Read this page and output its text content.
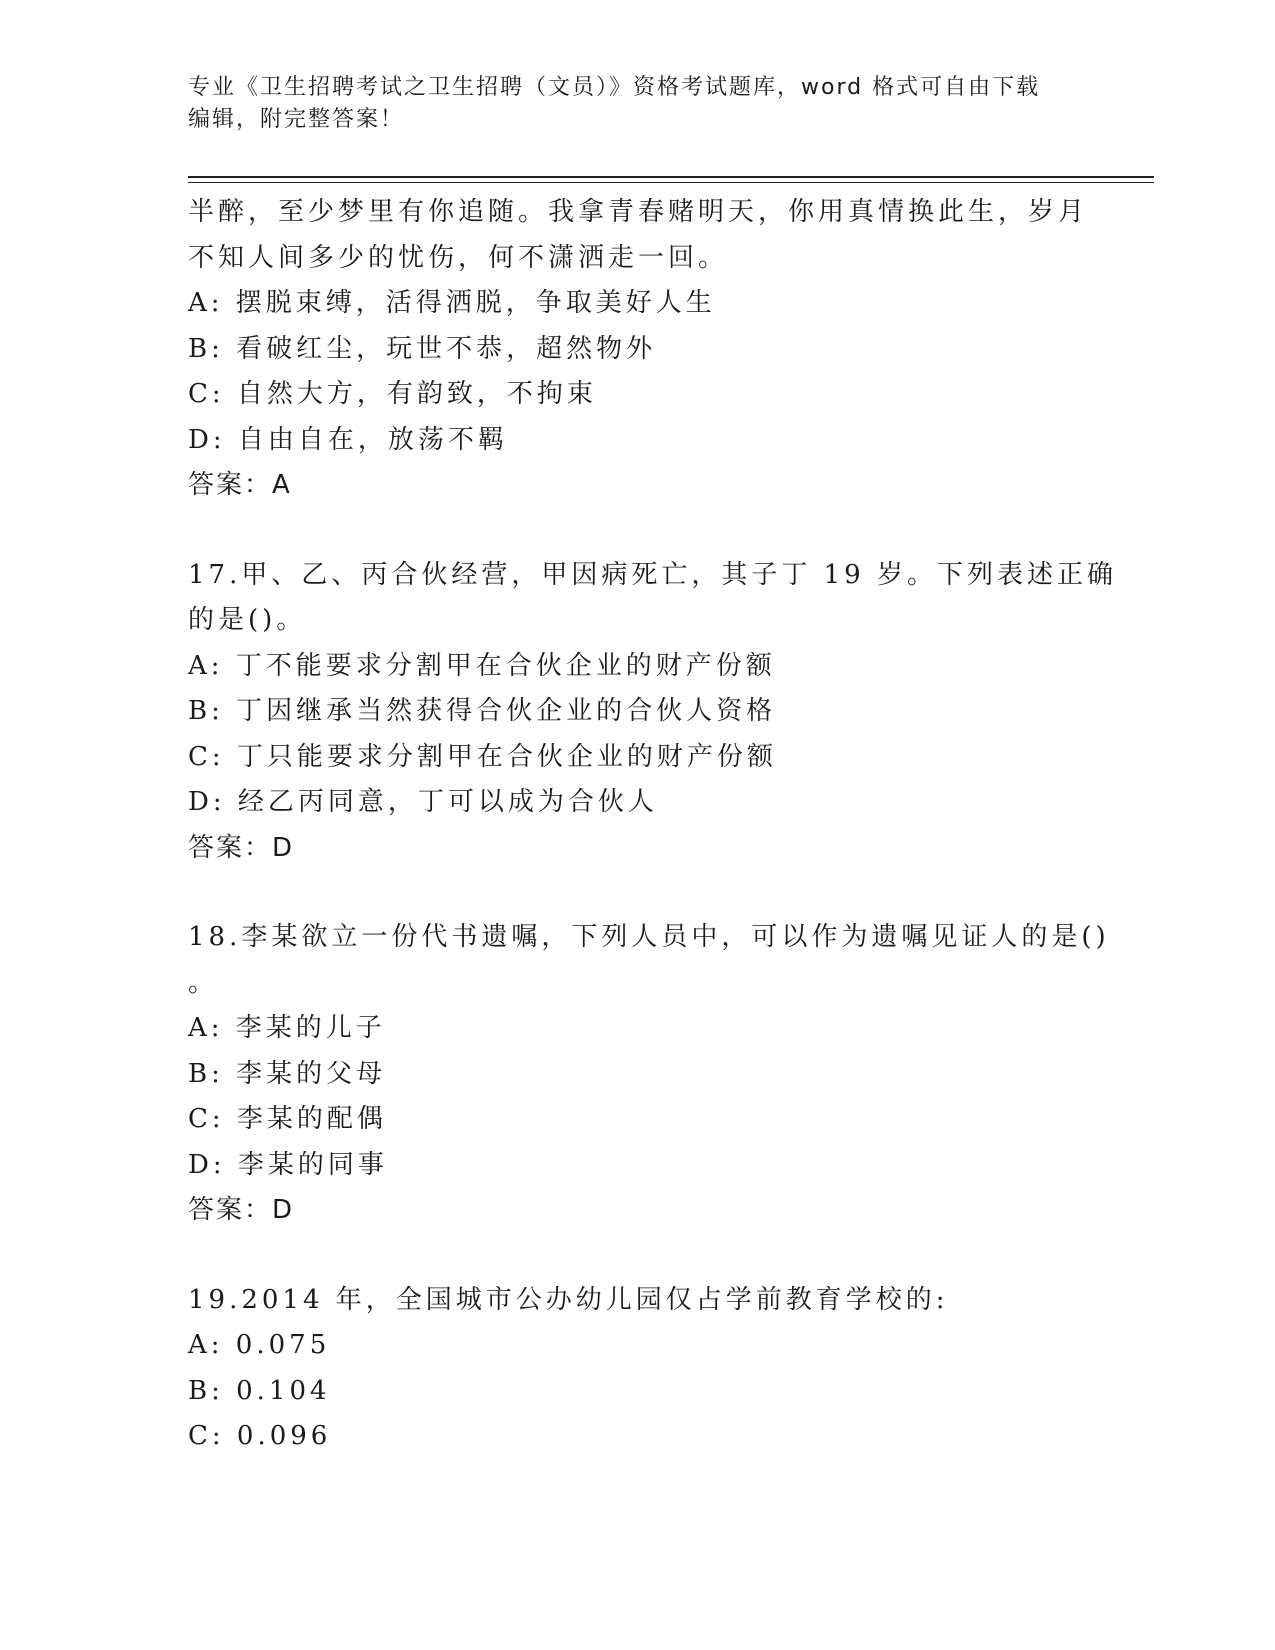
专业《卫生招聘考试之卫生招聘（文员）》资格考试题库，word 格式可自由下载
编辑，附完整答案！
半醉，至少梦里有你追随。我拿青春赌明天，你用真情换此生，岁月
不知人间多少的忧伤，何不潇洒走一回。
A: 摆脱束缚，活得洒脱，争取美好人生
B: 看破红尘，玩世不恭，超然物外
C: 自然大方，有韵致，不拘束
D: 自由自在，放荡不羁
答案：A
17.甲、乙、丙合伙经营，甲因病死亡，其子丁 19 岁。下列表述正确
的是()。
A: 丁不能要求分割甲在合伙企业的财产份额
B: 丁因继承当然获得合伙企业的合伙人资格
C: 丁只能要求分割甲在合伙企业的财产份额
D: 经乙丙同意，丁可以成为合伙人
答案：D
18.李某欲立一份代书遗嘱，下列人员中，可以作为遗嘱见证人的是()
。
A: 李某的儿子
B: 李某的父母
C: 李某的配偶
D: 李某的同事
答案：D
19.2014 年，全国城市公办幼儿园仅占学前教育学校的:
A: 0.075
B: 0.104
C: 0.096
